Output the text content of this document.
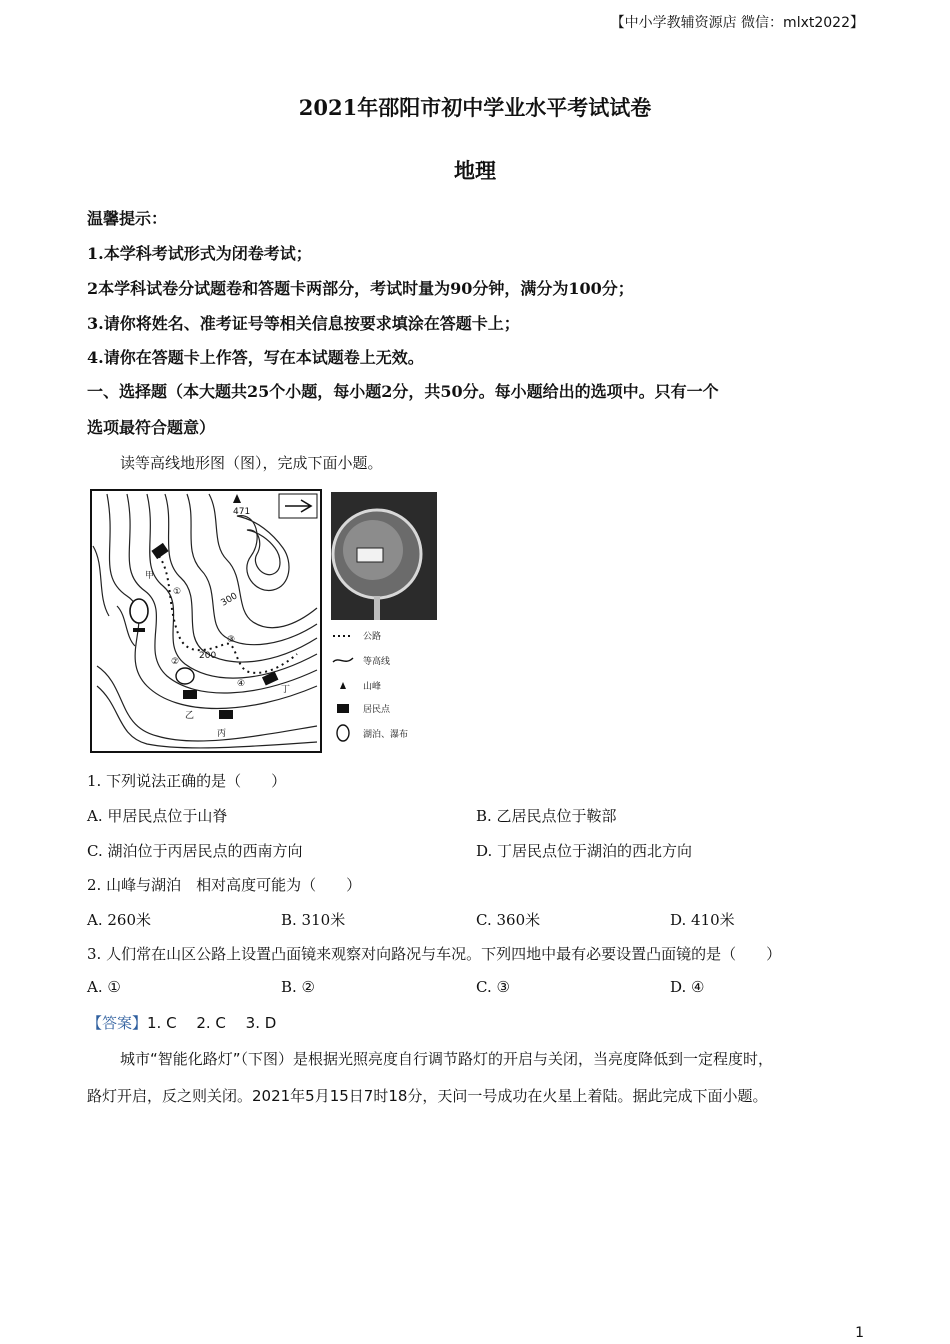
【中小学教辅资源店 微信：mlxt2022】
2021年邵阳市初中学业水平考试试卷
地理
温馨提示：
1.本学科考试形式为闭卷考试；
2本学科试卷分试题卷和答题卡两部分，考试时量为90分钟，满分为100分；
3.请你将姓名、准考证号等相关信息按要求填涂在答题卡上；
4.请你在答题卡上作答，写在本试题卷上无效。
一、选择题（本大题共25个小题，每小题2分，共50分。每小题给出的选项中。只有一个
选项最符合题意）
读等高线地形图（图），完成下面小题。
471
甲
乙
丙
丁
200
300
①
②
③
④
公路
等高线
山峰
居民点
湖泊、瀑布
1. 下列说法正确的是（　　）
A. 甲居民点位于山脊	B. 乙居民点位于鞍部
C. 湖泊位于丙居民点的西南方向	D. 丁居民点位于湖泊的西北方向
2. 山峰与湖泊　相对高度可能为（　　）
A. 260米	B. 310米	C. 360米	D. 410米
3. 人们常在山区公路上设置凸面镜来观察对向路况与车况。下列四地中最有必要设置凸面镜的是（　　）
A. ①	B. ②	C. ③	D. ④
【答案】1. C　 2. C　 3. D
城市“智能化路灯”（下图）是根据光照亮度自行调节路灯的开启与关闭，当亮度降低到一定程度时，
路灯开启，反之则关闭。2021年5月15日7时18分，天问一号成功在火星上着陆。据此完成下面小题。
1
